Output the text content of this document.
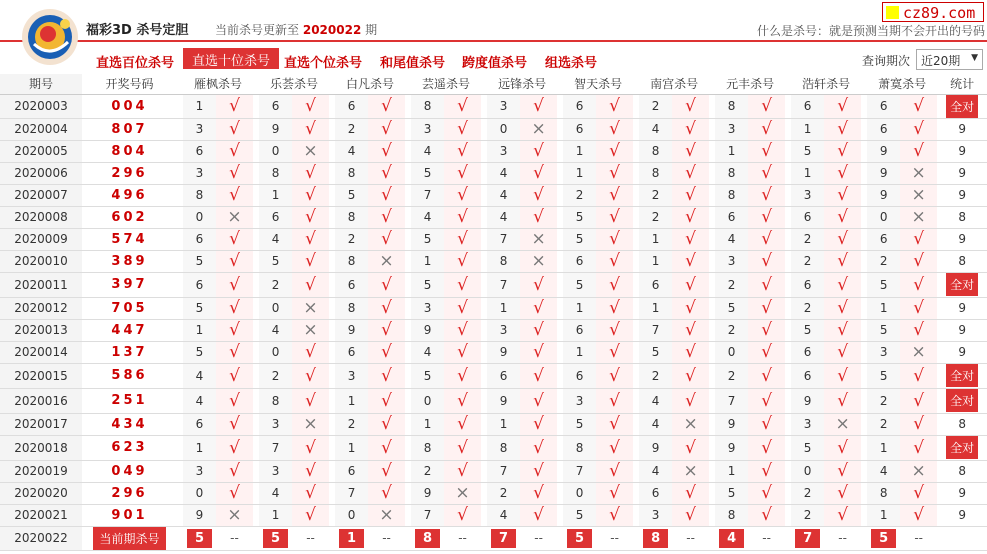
福彩3D 杀号定胆 当前杀号更新至 2020022 期
cz89.com
什么是杀号：就是预测当期不会开出的号码
直选百位杀号	直选十位杀号	直选个位杀号 和尾值杀号 跨度值杀号 组选杀号	查询期次 近20期 ▼
期号	开奖号码		雁枫杀号			乐荟杀号			白凡杀号			芸遥杀号			远锋杀号			智天杀号			南宫杀号			元丰杀号			浩轩杀号			萧寞杀号		统计
2020003	004		1	√		6	√		6	√		8	√		3	√		6	√		2	√		8	√		6	√		6	√	全对
2020004	807		3	√		9	√		2	√		3	√		0	×		6	√		4	√		3	√		1	√		6	√	9
2020005	804		6	√		0	×		4	√		4	√		3	√		1	√		8	√		1	√		5	√		9	√	9
2020006	296		3	√		8	√		8	√		5	√		4	√		1	√		8	√		8	√		1	√		9	×	9
2020007	496		8	√		1	√		5	√		7	√		4	√		2	√		2	√		8	√		3	√		9	×	9
2020008	602		0	×		6	√		8	√		4	√		4	√		5	√		2	√		6	√		6	√		0	×	8
2020009	574		6	√		4	√		2	√		5	√		7	×		5	√		1	√		4	√		2	√		6	√	9
2020010	389		5	√		5	√		8	×		1	√		8	×		6	√		1	√		3	√		2	√		2	√	8
2020011	397		6	√		2	√		6	√		5	√		7	√		5	√		6	√		2	√		6	√		5	√	全对
2020012	705		5	√		0	×		8	√		3	√		1	√		1	√		1	√		5	√		2	√		1	√	9
2020013	447		1	√		4	×		9	√		9	√		3	√		6	√		7	√		2	√		5	√		5	√	9
2020014	137		5	√		0	√		6	√		4	√		9	√		1	√		5	√		0	√		6	√		3	×	9
2020015	586		4	√		2	√		3	√		5	√		6	√		6	√		2	√		2	√		6	√		5	√	全对
2020016	251		4	√		8	√		1	√		0	√		9	√		3	√		4	√		7	√		9	√		2	√	全对
2020017	434		6	√		3	×		2	√		1	√		1	√		5	√		4	×		9	√		3	×		2	√	8
2020018	623		1	√		7	√		1	√		8	√		8	√		8	√		9	√		9	√		5	√		1	√	全对
2020019	049		3	√		3	√		6	√		2	√		7	√		7	√		4	×		1	√		0	√		4	×	8
2020020	296		0	√		4	√		7	√		9	×		2	√		0	√		6	√		5	√		2	√		8	√	9
2020021	901		9	×		1	√		0	×		7	√		4	√		5	√		3	√		8	√		2	√		1	√	9
2020022	当前期杀号		5	--		5	--		1	--		8	--		7	--		5	--		8	--		4	--		7	--		5	--	
